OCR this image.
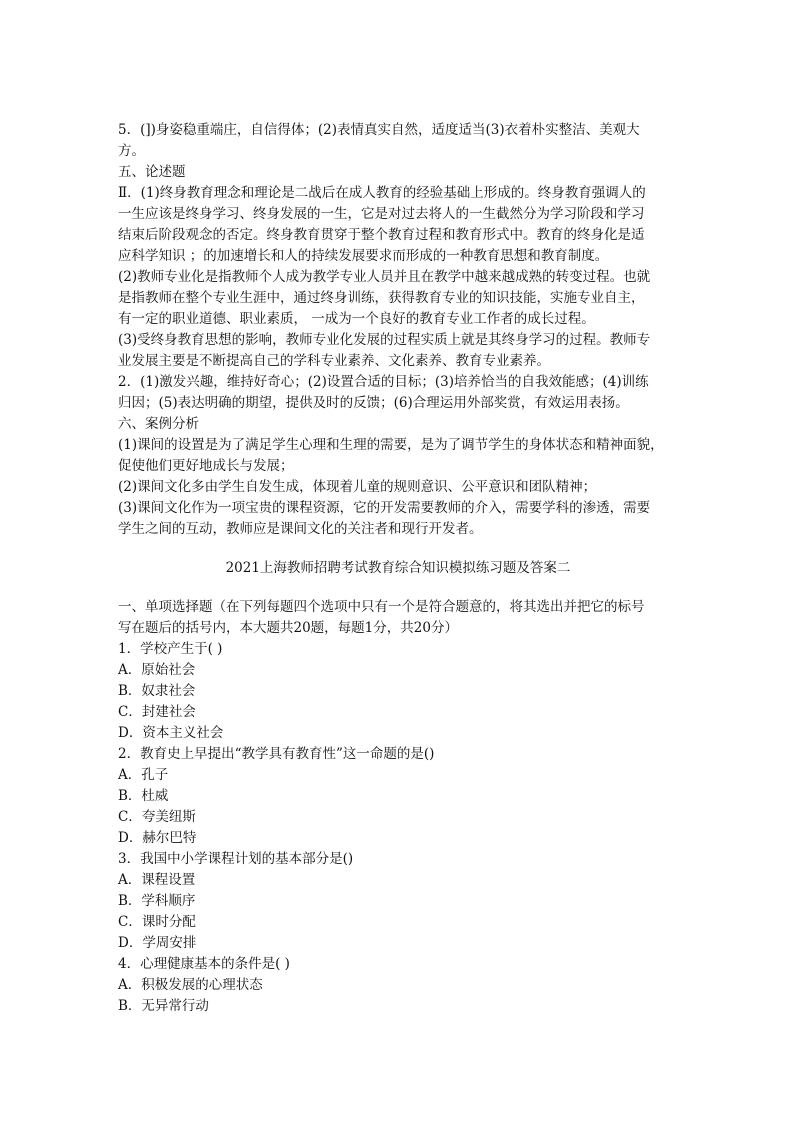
5．(])身姿稳重端庄，自信得体；(2)表情真实自然，适度适当(3)衣着朴实整洁、美观大
方。
五、论述题
Ⅱ．(1)终身教育理念和理论是二战后在成人教育的经验基础上形成的。终身教育强调人的
一生应该是终身学习、终身发展的一生，它是对过去将人的一生截然分为学习阶段和学习
结束后阶段观念的否定。终身教育贯穿于整个教育过程和教育形式中。教育的终身化是适
应科学知识 ；的加速增长和人的持续发展要求而形成的一种教育思想和教育制度。
(2)教师专业化是指教师个人成为教学专业人员并且在教学中越来越成熟的转变过程。也就
是指教师在整个专业生涯中，通过终身训练，获得教育专业的知识技能，实施专业自主，
有一定的职业道德、职业素质， 一成为一个良好的教育专业工作者的成长过程。
(3)受终身教育思想的影响，教师专业化发展的过程实质上就是其终身学习的过程。教师专
业发展主要是不断提高自己的学科专业素养、文化素养、教育专业素养。
2．(1)激发兴趣，维持好奇心；(2)设置合适的目标；(3)培养恰当的自我效能感；(4)训练
归因；(5)表达明确的期望，提供及时的反馈；(6)合理运用外部奖赏，有效运用表扬。
六、案例分析
(1)课间的设置是为了满足学生心理和生理的需要，是为了调节学生的身体状态和精神面貌，
促使他们更好地成长与发展；
(2)课间文化多由学生自发生成，体现着儿童的规则意识、公平意识和团队精神；
(3)课间文化作为一项宝贵的课程资源，它的开发需要教师的介入，需要学科的渗透，需要
学生之间的互动，教师应是课间文化的关注者和现行开发者。
2021上海教师招聘考试教育综合知识模拟练习题及答案二
一、单项选择题（在下列每题四个选项中只有一个是符合题意的，将其选出并把它的标号
写在题后的括号内，本大题共20题，每题1分，共20分）
1．学校产生于( )
A．原始社会
B．奴隶社会
C．封建社会
D．资本主义社会
2．教育史上早提出“教学具有教育性”这一命题的是()
A．孔子
B．杜威
C．夸美纽斯
D．赫尔巴特
3．我国中小学课程计划的基本部分是()
A．课程设置
B．学科顺序
C．课时分配
D．学周安排
4．心理健康基本的条件是( )
A．积极发展的心理状态
B．无异常行动
